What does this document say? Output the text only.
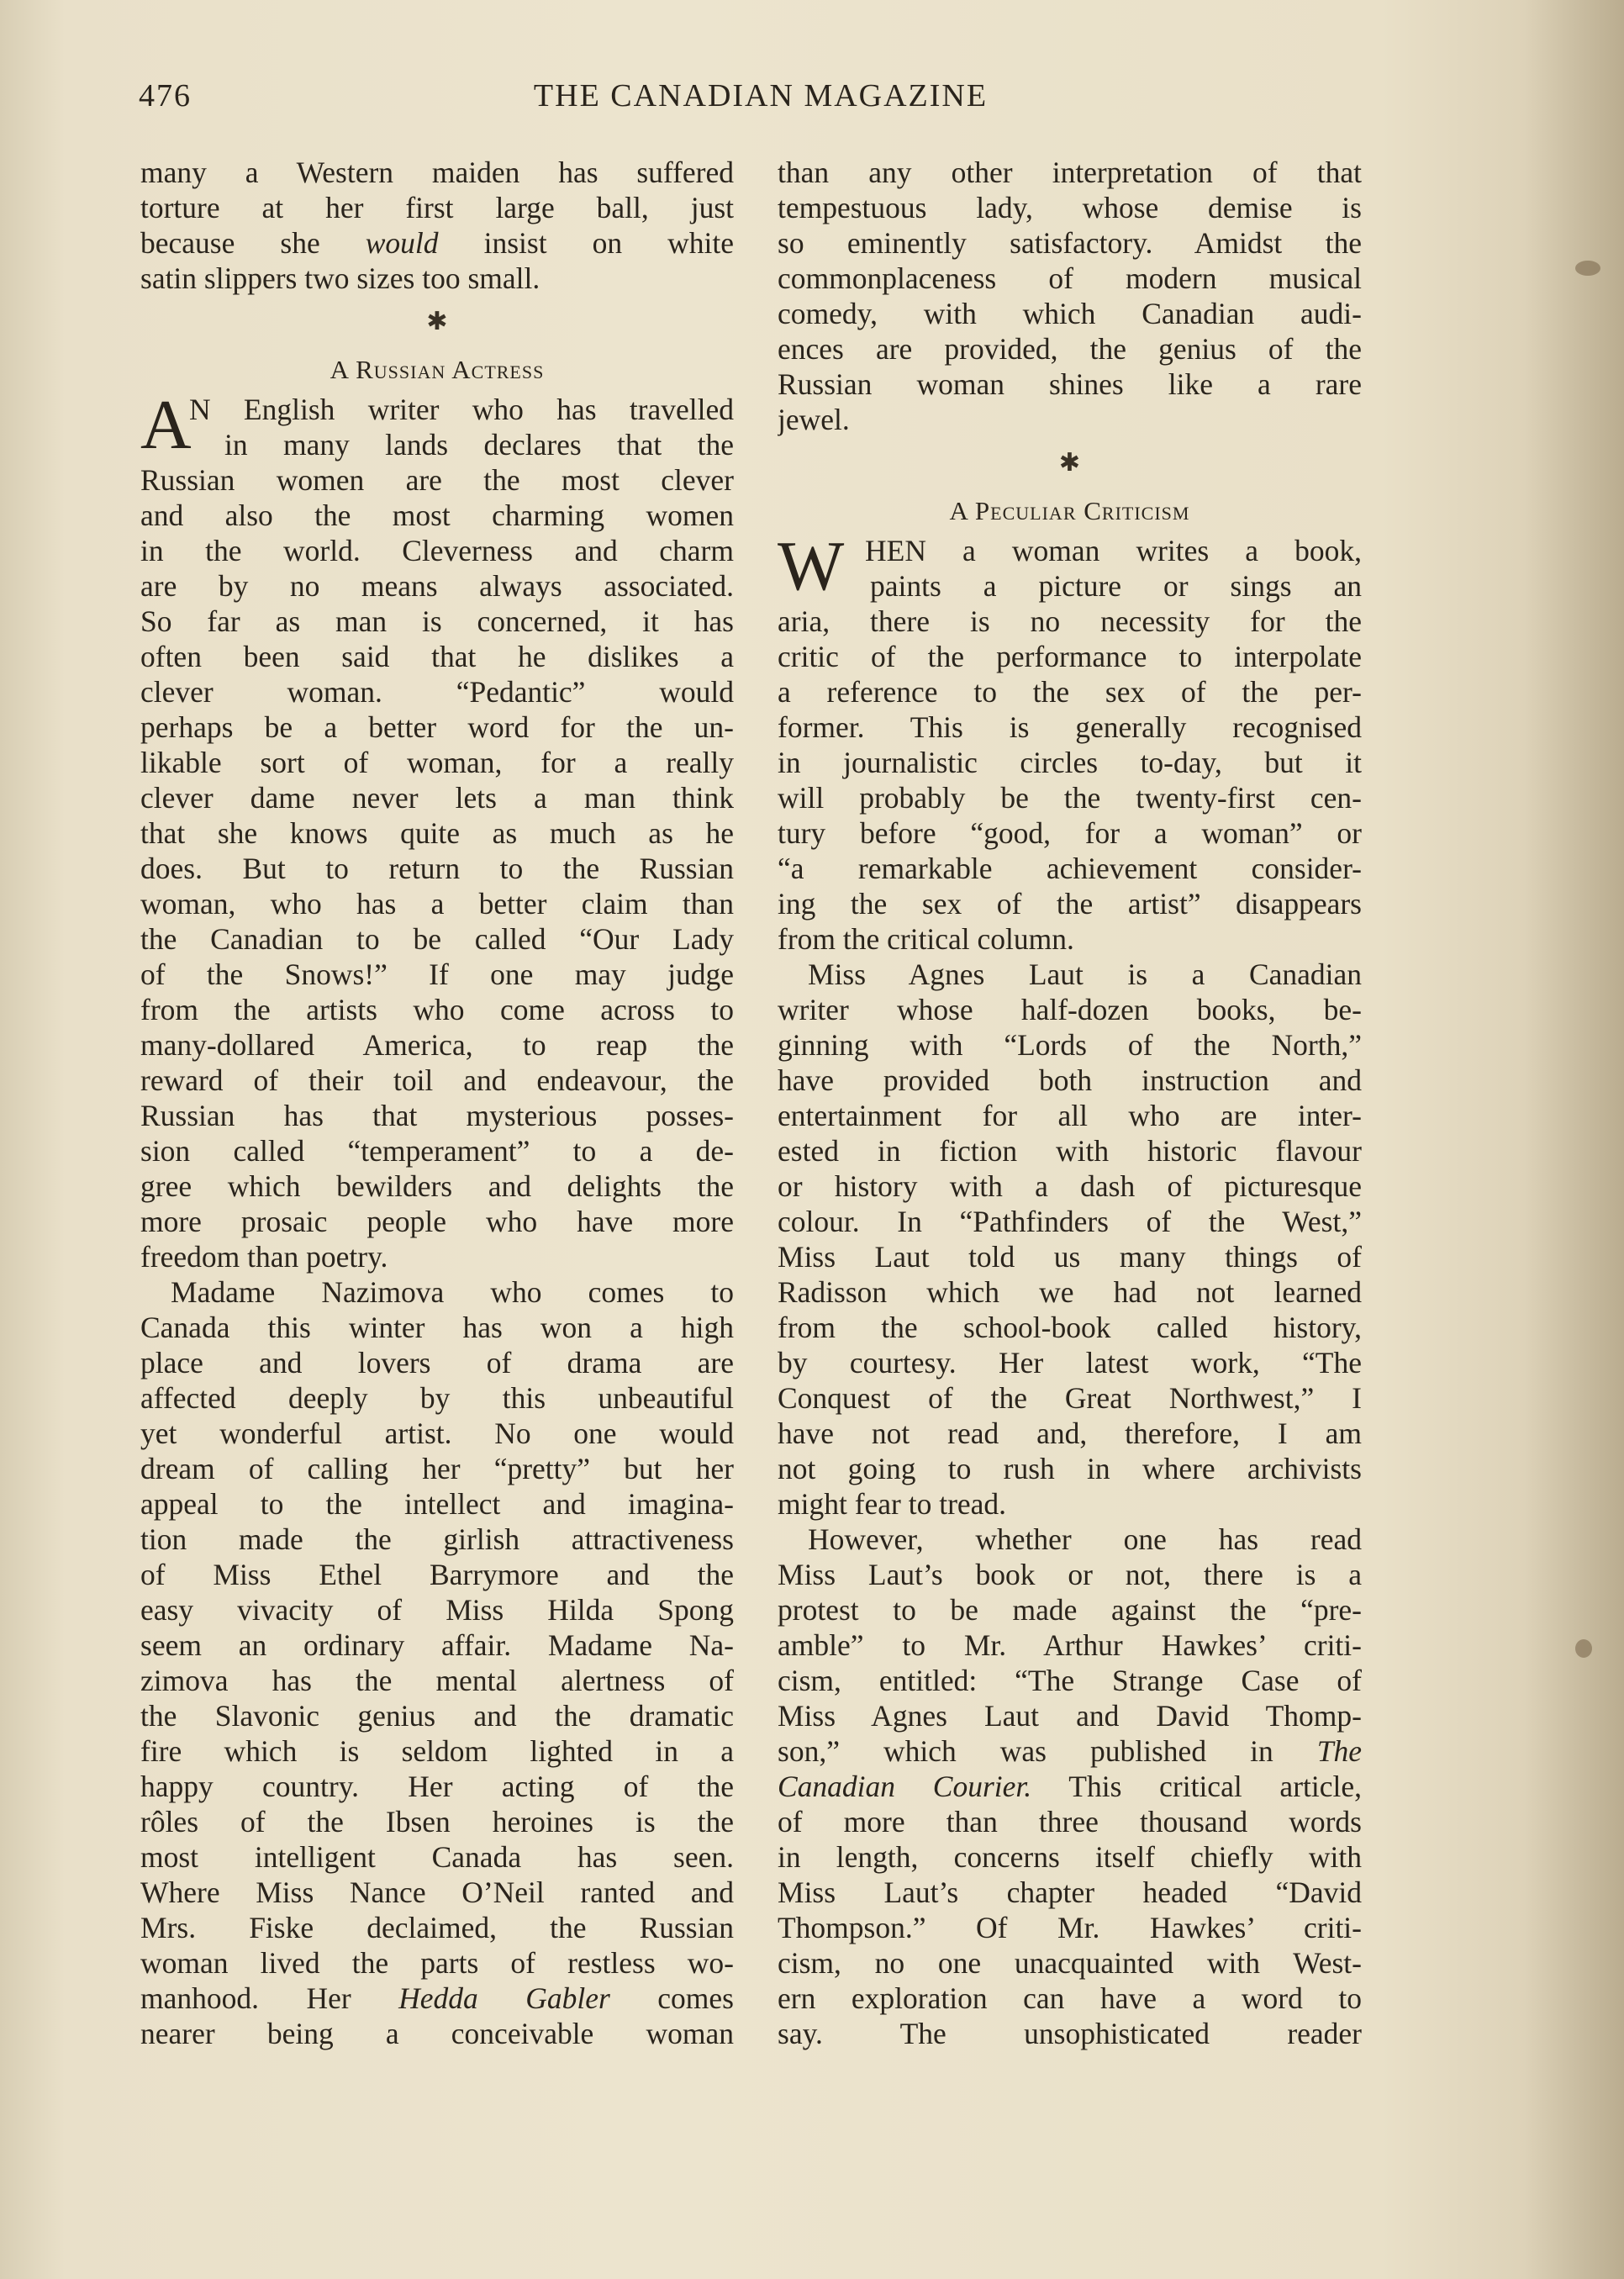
476	THE CANADIAN MAGAZINE
many a Western maiden has suffered
torture at her first large ball, just
because she would insist on white
satin slippers two sizes too small.
✱
A Russian Actress
A
N English writer who has travelled
in many lands declares that the
Russian women are the most clever
and also the most charming women
in the world. Cleverness and charm
are by no means always associated.
So far as man is concerned, it has
often been said that he dislikes a
clever woman. “Pedantic” would
perhaps be a better word for the un-
likable sort of woman, for a really
clever dame never lets a man think
that she knows quite as much as he
does. But to return to the Russian
woman, who has a better claim than
the Canadian to be called “Our Lady
of the Snows!” If one may judge
from the artists who come across to
many-dollared America, to reap the
reward of their toil and endeavour, the
Russian has that mysterious posses-
sion called “temperament” to a de-
gree which bewilders and delights the
more prosaic people who have more
freedom than poetry.
Madame Nazimova who comes to
Canada this winter has won a high
place and lovers of drama are
affected deeply by this unbeautiful
yet wonderful artist. No one would
dream of calling her “pretty” but her
appeal to the intellect and imagina-
tion made the girlish attractiveness
of Miss Ethel Barrymore and the
easy vivacity of Miss Hilda Spong
seem an ordinary affair. Madame Na-
zimova has the mental alertness of
the Slavonic genius and the dramatic
fire which is seldom lighted in a
happy country. Her acting of the
rôles of the Ibsen heroines is the
most intelligent Canada has seen.
Where Miss Nance O’Neil ranted and
Mrs. Fiske declaimed, the Russian
woman lived the parts of restless wo-
manhood. Her Hedda Gabler comes
nearer being a conceivable woman
than any other interpretation of that
tempestuous lady, whose demise is
so eminently satisfactory. Amidst the
commonplaceness of modern musical
comedy, with which Canadian audi-
ences are provided, the genius of the
Russian woman shines like a rare
jewel.
✱
A Peculiar Criticism
W HEN a woman writes a book,
paints a picture or sings an
aria, there is no necessity for the
critic of the performance to interpolate
a reference to the sex of the per-
former. This is generally recognised
in journalistic circles to-day, but it
will probably be the twenty-first cen-
tury before “good, for a woman” or
“a remarkable achievement consider-
ing the sex of the artist” disappears
from the critical column.
Miss Agnes Laut is a Canadian
writer whose half-dozen books, be-
ginning with “Lords of the North,”
have provided both instruction and
entertainment for all who are inter-
ested in fiction with historic flavour
or history with a dash of picturesque
colour. In “Pathfinders of the West,”
Miss Laut told us many things of
Radisson which we had not learned
from the school-book called history,
by courtesy. Her latest work, “The
Conquest of the Great Northwest,” I
have not read and, therefore, I am
not going to rush in where archivists
might fear to tread.
However, whether one has read
Miss Laut’s book or not, there is a
protest to be made against the “pre-
amble” to Mr. Arthur Hawkes’ criti-
cism, entitled: “The Strange Case of
Miss Agnes Laut and David Thomp-
son,” which was published in The
Canadian Courier. This critical article,
of more than three thousand words
in length, concerns itself chiefly with
Miss Laut’s chapter headed “David
Thompson.” Of Mr. Hawkes’ criti-
cism, no one unacquainted with West-
ern exploration can have a word to
say. The unsophisticated reader
